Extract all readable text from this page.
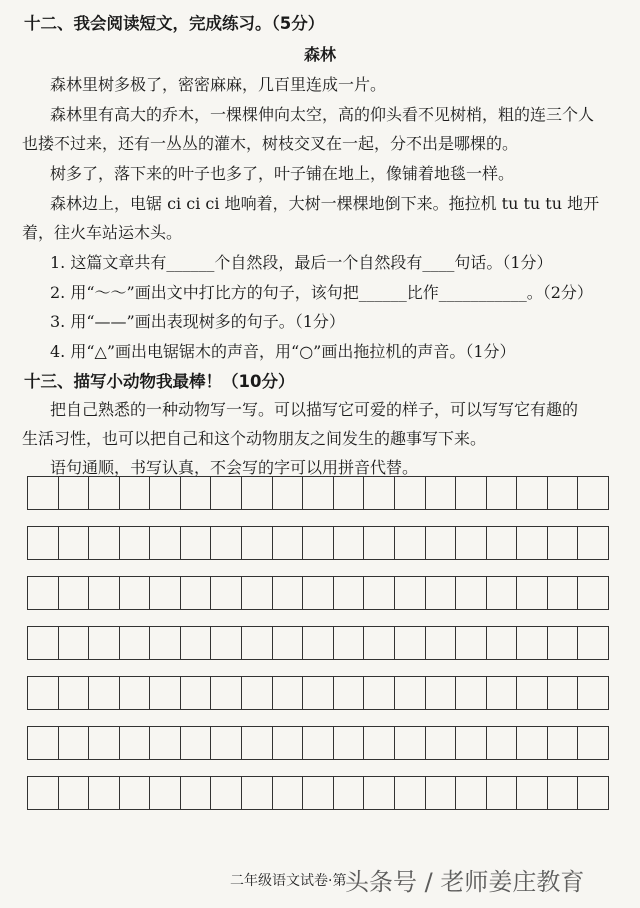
十二、我会阅读短文，完成练习。（5分）
森林
森林里树多极了，密密麻麻，几百里连成一片。
森林里有高大的乔木，一棵棵伸向太空，高的仰头看不见树梢，粗的连三个人
也搂不过来，还有一丛丛的灌木，树枝交叉在一起，分不出是哪棵的。
树多了，落下来的叶子也多了，叶子铺在地上，像铺着地毯一样。
森林边上，电锯 ci ci ci 地响着，大树一棵棵地倒下来。拖拉机 tu tu tu 地开
着，往火车站运木头。
1. 这篇文章共有______个自然段，最后一个自然段有____句话。（1分）
2. 用“～～”画出文中打比方的句子，该句把______比作___________。（2分）
3. 用“——”画出表现树多的句子。（1分）
4. 用“△”画出电锯锯木的声音，用“○”画出拖拉机的声音。（1分）
十三、描写小动物我最棒！（10分）
把自己熟悉的一种动物写一写。可以描写它可爱的样子，可以写写它有趣的
生活习性，也可以把自己和这个动物朋友之间发生的趣事写下来。
语句通顺，书写认真，不会写的字可以用拼音代替。
二年级语文试卷·第
头条号 / 老师姜庄教育
